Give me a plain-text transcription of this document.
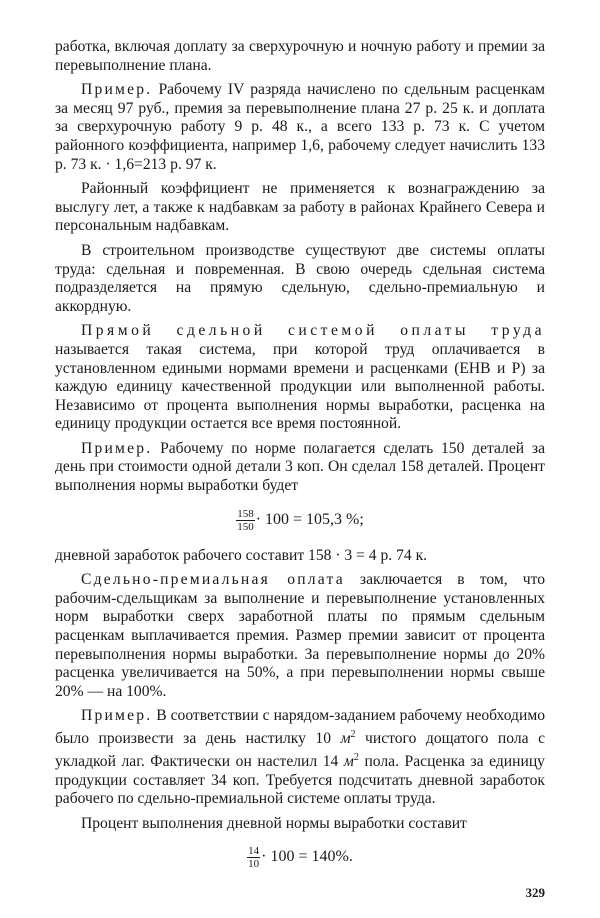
работка, включая доплату за сверхурочную и ночную работу и премии за перевыполнение плана.

Пример. Рабочему IV разряда начислено по сдельным расценкам за месяц 97 руб., премия за перевыполнение плана 27 р. 25 к. и доплата за сверхурочную работу 9 р. 48 к., а всего 133 р. 73 к. С учетом районного коэффициента, например 1,6, рабочему следует начислить 133 р. 73 к. · 1,6=213 р. 97 к.

Районный коэффициент не применяется к вознаграждению за выслугу лет, а также к надбавкам за работу в районах Крайнего Севера и персональным надбавкам.

В строительном производстве существуют две системы оплаты труда: сдельная и повременная. В свою очередь сдельная система подразделяется на прямую сдельную, сдельно-премиальную и аккордную.

Прямой сдельной системой оплаты труда называется такая система, при которой труд оплачивается в установленном едиными нормами времени и расценками (ЕНВ и Р) за каждую единицу качественной продукции или выполненной работы. Независимо от процента выполнения нормы выработки, расценка на единицу продукции остается все время постоянной.

Пример. Рабочему по норме полагается сделать 150 деталей за день при стоимости одной детали 3 коп. Он сделал 158 деталей. Процент выполнения нормы выработки будет

$\frac{158}{150} \cdot 100 = 105,3$ %;

дневной заработок рабочего составит 158 · 3 = 4 р. 74 к.

Сдельно-премиальная оплата заключается в том, что рабочим-сдельщикам за выполнение и перевыполнение установленных норм выработки сверх заработной платы по прямым сдельным расценкам выплачивается премия. Размер премии зависит от процента перевыполнения нормы выработки. За перевыполнение нормы до 20% расценка увеличивается на 50%, а при перевыполнении нормы свыше 20% — на 100%.

Пример. В соответствии с нарядом-заданием рабочему необходимо было произвести за день настилку 10 $м^2$ чистого дощатого пола с укладкой лаг. Фактически он настелил 14 $м^2$ пола. Расценка за единицу продукции составляет 34 коп. Требуется подсчитать дневной заработок рабочего по сдельно-премиальной системе оплаты труда.

Процент выполнения дневной нормы выработки составит

$\frac{14}{10} \cdot 100 = 140\%$.
329
